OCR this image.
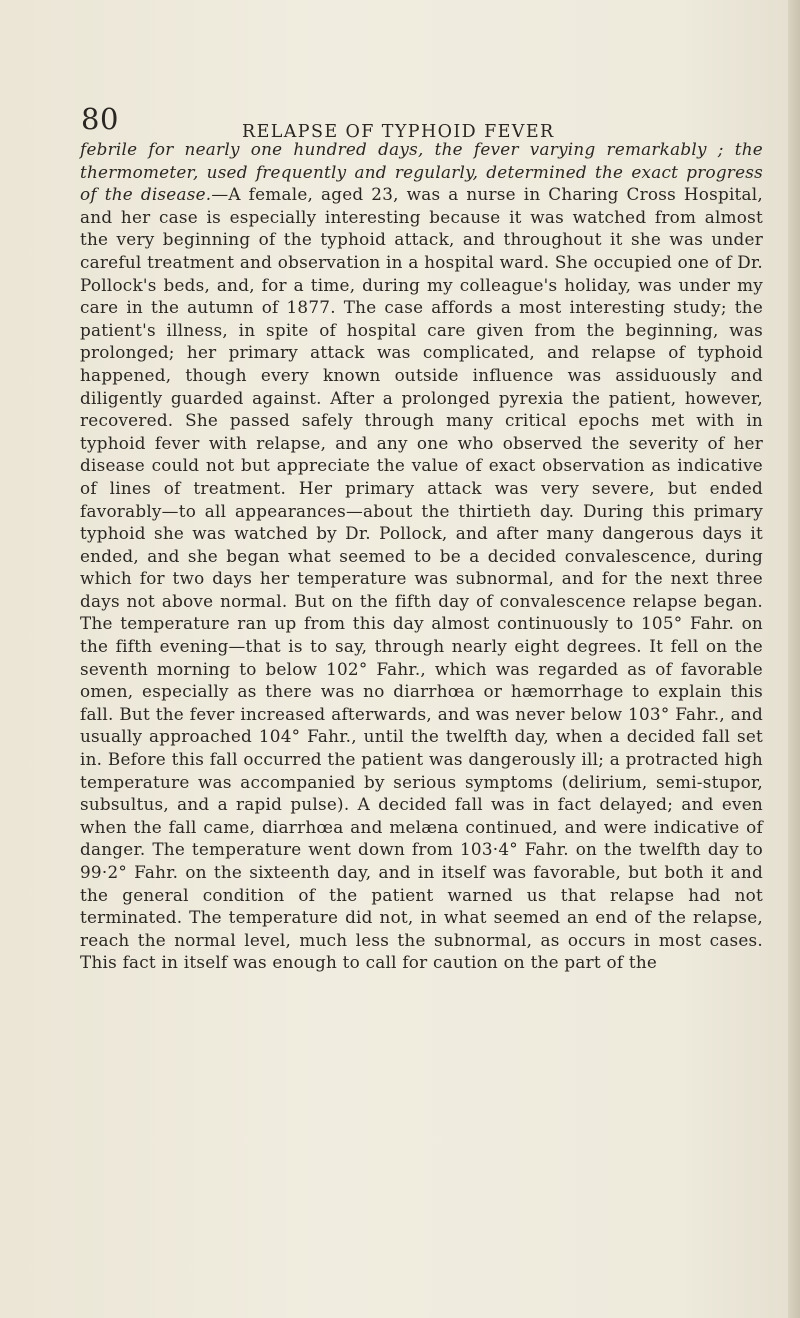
80	RELAPSE OF TYPHOID FEVER

febrile for nearly one hundred days, the fever varying remarkably ; the thermometer, used frequently and regularly, determined the exact progress of the disease.—A female, aged 23, was a nurse in Charing Cross Hospital, and her case is especially interesting because it was watched from almost the very beginning of the typhoid attack, and throughout it she was under careful treatment and observation in a hospital ward. She occupied one of Dr. Pollock's beds, and, for a time, during my colleague's holiday, was under my care in the autumn of 1877. The case affords a most interesting study; the patient's illness, in spite of hospital care given from the beginning, was prolonged; her primary attack was complicated, and relapse of typhoid happened, though every known outside influence was assiduously and diligently guarded against. After a prolonged pyrexia the patient, however, recovered. She passed safely through many critical epochs met with in typhoid fever with relapse, and any one who observed the severity of her disease could not but appreciate the value of exact observation as indicative of lines of treatment. Her primary attack was very severe, but ended favorably—to all appearances—about the thirtieth day. During this primary typhoid she was watched by Dr. Pollock, and after many dangerous days it ended, and she began what seemed to be a decided convalescence, during which for two days her temperature was subnormal, and for the next three days not above normal. But on the fifth day of convalescence relapse began. The temperature ran up from this day almost continuously to 105° Fahr. on the fifth evening—that is to say, through nearly eight degrees. It fell on the seventh morning to below 102° Fahr., which was regarded as of favorable omen, especially as there was no diarrhœa or hæmorrhage to explain this fall. But the fever increased afterwards, and was never below 103° Fahr., and usually approached 104° Fahr., until the twelfth day, when a decided fall set in. Before this fall occurred the patient was dangerously ill; a protracted high temperature was accompanied by serious symptoms (delirium, semi-stupor, subsultus, and a rapid pulse). A decided fall was in fact delayed; and even when the fall came, diarrhœa and melæna continued, and were indicative of danger. The temperature went down from 103·4° Fahr. on the twelfth day to 99·2° Fahr. on the sixteenth day, and in itself was favorable, but both it and the general condition of the patient warned us that relapse had not terminated. The temperature did not, in what seemed an end of the relapse, reach the normal level, much less the subnormal, as occurs in most cases. This fact in itself was enough to call for caution on the part of the
